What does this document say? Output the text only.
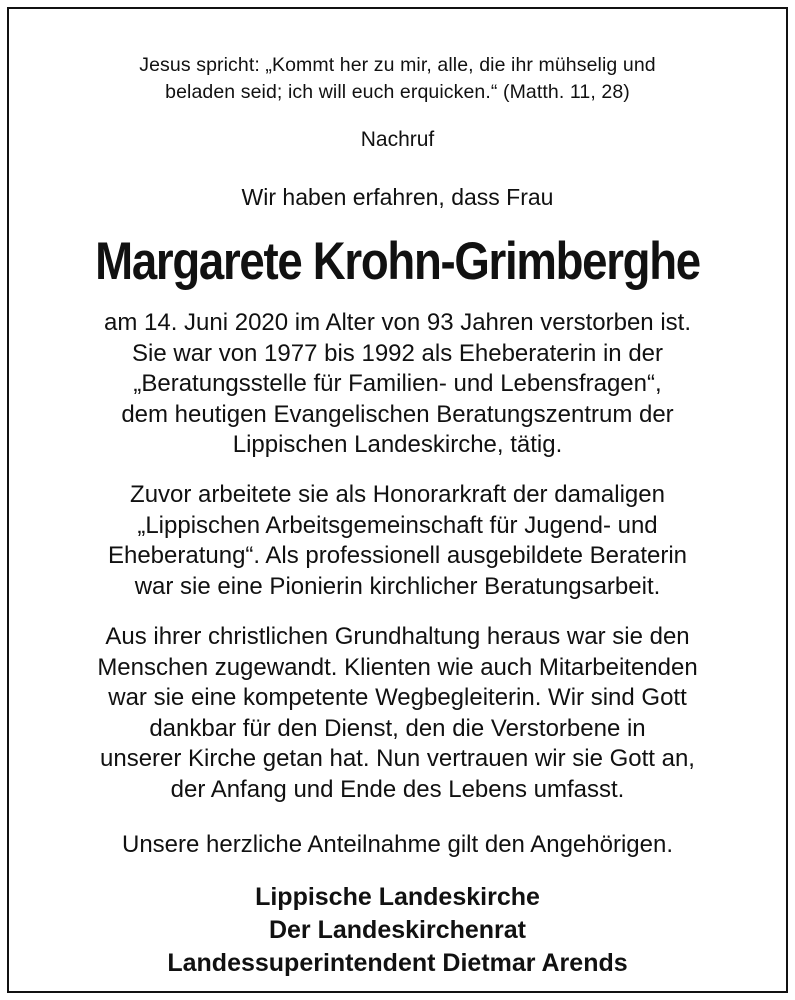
Jesus spricht: „Kommt her zu mir, alle, die ihr mühselig und
beladen seid; ich will euch erquicken.“ (Matth. 11, 28)
Nachruf
Wir haben erfahren, dass Frau
Margarete Krohn-Grimberghe
am 14. Juni 2020 im Alter von 93 Jahren verstorben ist.
Sie war von 1977 bis 1992 als Eheberaterin in der
„Beratungsstelle für Familien- und Lebensfragen“,
dem heutigen Evangelischen Beratungszentrum der
Lippischen Landeskirche, tätig.
Zuvor arbeitete sie als Honorarkraft der damaligen
„Lippischen Arbeitsgemeinschaft für Jugend- und
Eheberatung“. Als professionell ausgebildete Beraterin
war sie eine Pionierin kirchlicher Beratungsarbeit.
Aus ihrer christlichen Grundhaltung heraus war sie den
Menschen zugewandt. Klienten wie auch Mitarbeitenden
war sie eine kompetente Wegbegleiterin. Wir sind Gott
dankbar für den Dienst, den die Verstorbene in
unserer Kirche getan hat. Nun vertrauen wir sie Gott an,
der Anfang und Ende des Lebens umfasst.
Unsere herzliche Anteilnahme gilt den Angehörigen.
Lippische Landeskirche
Der Landeskirchenrat
Landessuperintendent Dietmar Arends
